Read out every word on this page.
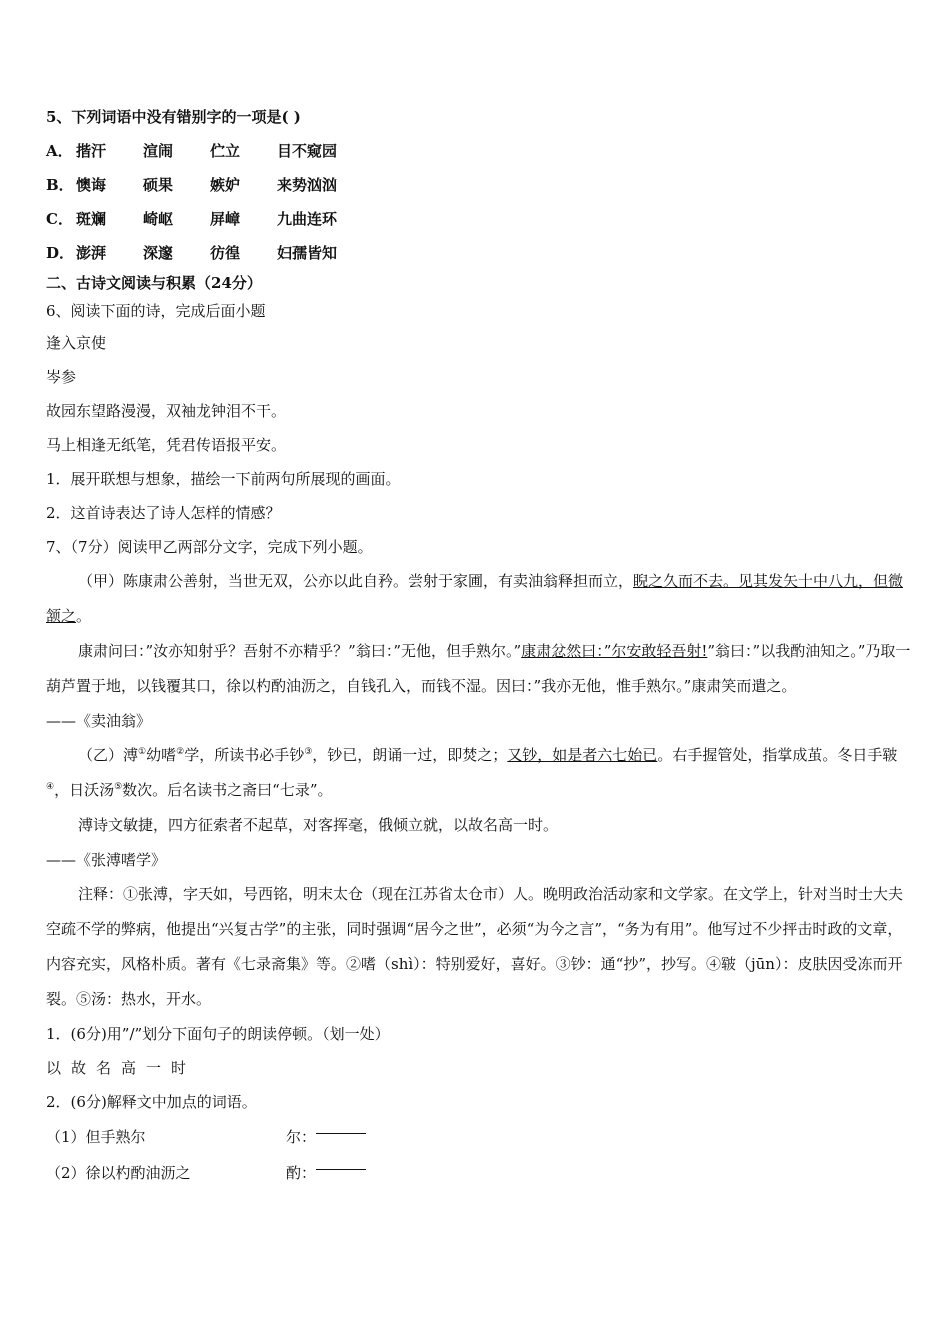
5、下列词语中没有错别字的一项是( )
A． 揩汗	渲闹	伫立	目不窥园
B． 懊诲	硕果	嫉妒	来势汹汹
C． 斑斓	崎岖	屏嶂	九曲连环
D． 澎湃	深邃	彷徨	妇孺皆知
二、古诗文阅读与积累（24分）
6、阅读下面的诗，完成后面小题
逢入京使
岑参
故园东望路漫漫，双袖龙钟泪不干。
马上相逢无纸笔，凭君传语报平安。
1．展开联想与想象，描绘一下前两句所展现的画面。
2．这首诗表达了诗人怎样的情感？
7、（7分）阅读甲乙两部分文字，完成下列小题。
（甲）陈康肃公善射，当世无双，公亦以此自矜。尝射于家圃，有卖油翁释担而立，睨之久而不去。见其发矢十中八九，但微颔之。
康肃问曰：”汝亦知射乎？吾射不亦精乎？”翁曰：”无他，但手熟尔。”康肃忿然曰：”尔安敢轻吾射!”翁曰：”以我酌油知之。”乃取一葫芦置于地，以钱覆其口，徐以杓酌油沥之，自钱孔入，而钱不湿。因曰：”我亦无他，惟手熟尔。”康肃笑而遣之。
——《卖油翁》
（乙）溥①幼嗜②学，所读书必手钞③，钞已，朗诵一过，即焚之；又钞，如是者六七始已。右手握管处，指掌成茧。冬日手皲④，日沃汤⑤数次。后名读书之斋曰“七录”。
溥诗文敏捷，四方征索者不起草，对客挥毫，俄倾立就，以故名高一时。
——《张溥嗜学》
注释：①张溥，字天如，号西铭，明末太仓（现在江苏省太仓市）人。晚明政治活动家和文学家。在文学上，针对当时士大夫空疏不学的弊病，他提出“兴复古学”的主张，同时强调“居今之世”，必须“为今之言”，“务为有用”。他写过不少抨击时政的文章，内容充实，风格朴质。著有《七录斋集》等。②嗜（shì）：特别爱好，喜好。③钞：通“抄”，抄写。④皲（jūn）：皮肤因受冻而开裂。⑤汤：热水，开水。
1．(6分)用”/”划分下面句子的朗读停顿。（划一处）
以故名高一时
2．(6分)解释文中加点的词语。
（1）但手熟尔	尔：
（2）徐以杓酌油沥之	酌：
